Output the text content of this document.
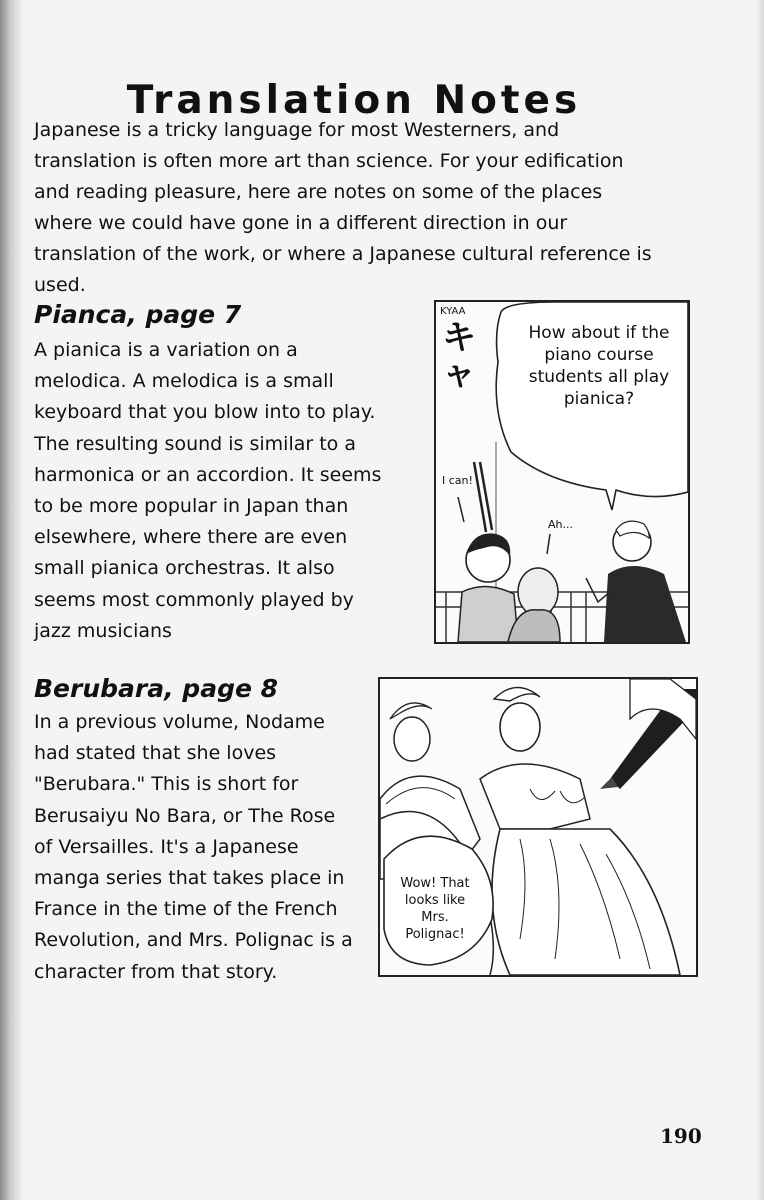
Translation Notes

Japanese is a tricky language for most Westerners, and translation is often more art than science. For your edification and reading pleasure, here are notes on some of the places where we could have gone in a different direction in our translation of the work, or where a Japanese cultural reference is used.

Pianca, page 7

A pianica is a variation on a melodica. A melodica is a small keyboard that you blow into to play. The resulting sound is similar to a harmonica or an accordion. It seems to be more popular in Japan than elsewhere, where there are even small pianica orchestras. It also seems most commonly played by jazz musicians

KYAA
キャ
How about if the piano course students all play pianica?
I can!
Ah...
Berubara, page 8

In a previous volume, Nodame had stated that she loves "Berubara." This is short for Berusaiyu No Bara, or The Rose of Versailles. It's a Japanese manga series that takes place in France in the time of the French Revolution, and Mrs. Polignac is a character from that story.

Wow! That looks like Mrs. Polignac!
190
